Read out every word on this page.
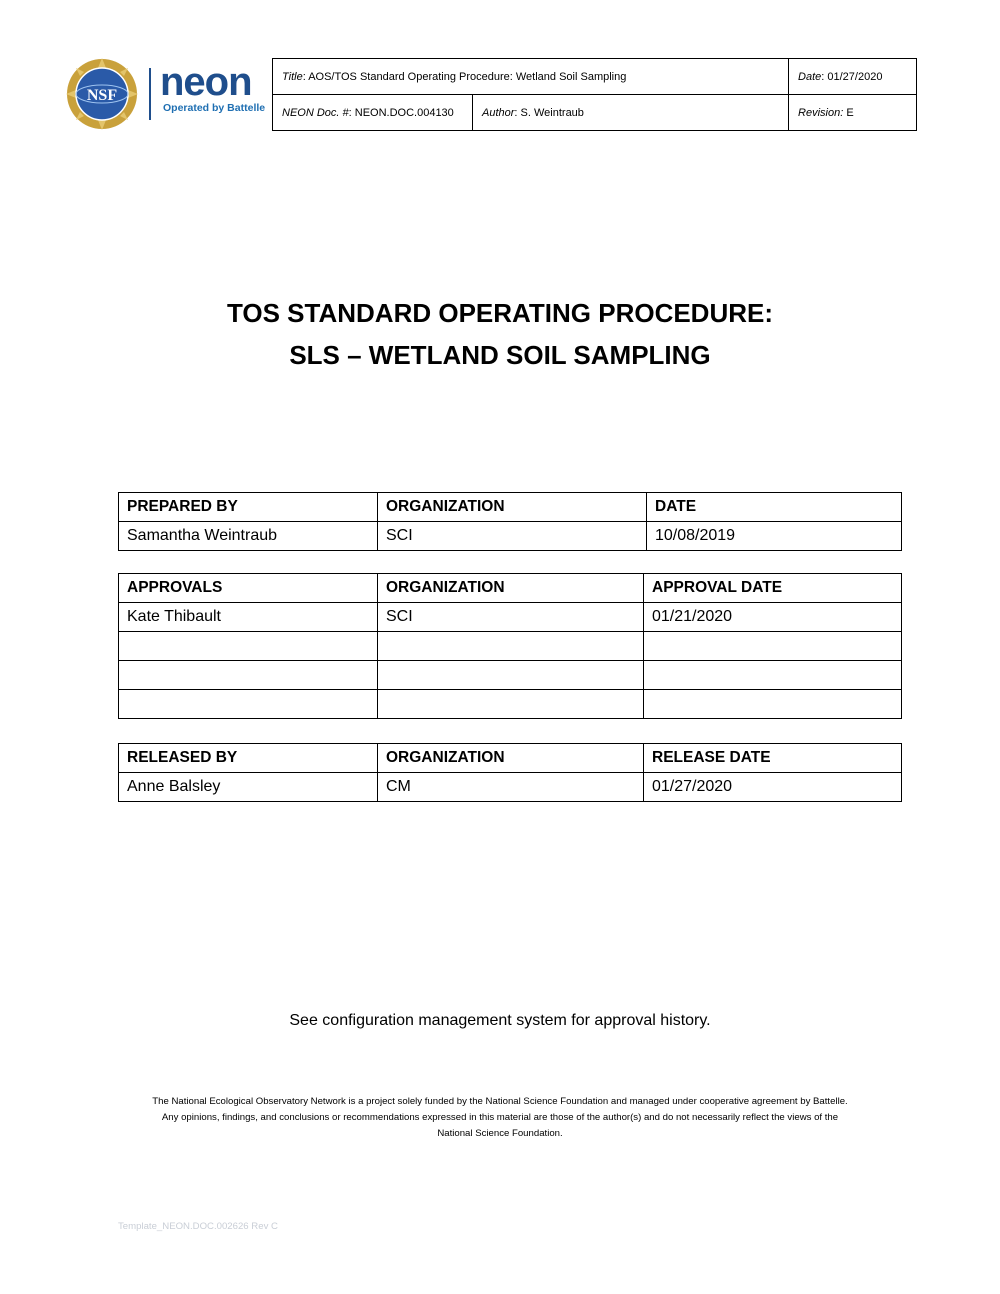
NSF neon
Operated by Battelle
Title: AOS/TOS Standard Operating Procedure: Wetland Soil Sampling		Date: 01/27/2020
NEON Doc. #: NEON.DOC.004130	Author: S. Weintraub	Revision: E
TOS STANDARD OPERATING PROCEDURE:
SLS – WETLAND SOIL SAMPLING
PREPARED BY	ORGANIZATION	DATE
Samantha Weintraub	SCI	10/08/2019
APPROVALS	ORGANIZATION	APPROVAL DATE
Kate Thibault	SCI	01/21/2020

RELEASED BY	ORGANIZATION	RELEASE DATE
Anne Balsley	CM	01/27/2020
See configuration management system for approval history.
The National Ecological Observatory Network is a project solely funded by the National Science Foundation and managed under cooperative agreement by Battelle.
Any opinions, findings, and conclusions or recommendations expressed in this material are those of the author(s) and do not necessarily reflect the views of the
National Science Foundation.
Template_NEON.DOC.002626 Rev C
